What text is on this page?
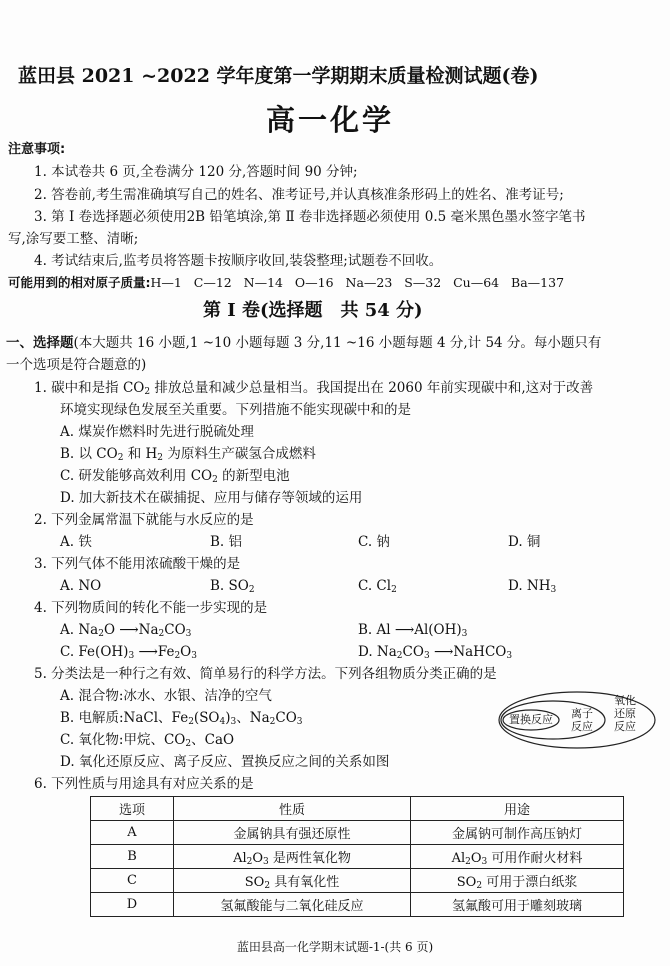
蓝田县 2021 ~2022 学年度第一学期期末质量检测试题(卷)
高一化学
注意事项:
1. 本试卷共 6 页,全卷满分 120 分,答题时间 90 分钟;
2. 答卷前,考生需准确填写自己的姓名、准考证号,并认真核准条形码上的姓名、准考证号;
3. 第 Ⅰ 卷选择题必须使用2B 铅笔填涂,第 Ⅱ 卷非选择题必须使用 0.5 毫米黑色墨水签字笔书
写,涂写要工整、清晰;
4. 考试结束后,监考员将答题卡按顺序收回,装袋整理;试题卷不回收。
可能用到的相对原子质量:H—1   C—12   N—14   O—16   Na—23   S—32   Cu—64   Ba—137
第 Ⅰ 卷(选择题　共 54 分)
一、选择题(本大题共 16 小题,1 ~10 小题每题 3 分,11 ~16 小题每题 4 分,计 54 分。每小题只有
一个选项是符合题意的)
1. 碳中和是指 $CO_2$ 排放总量和减少总量相当。我国提出在 2060 年前实现碳中和,这对于改善
环境实现绿色发展至关重要。下列措施不能实现碳中和的是
A. 煤炭作燃料时先进行脱硫处理
B. 以 $CO_2$ 和 $H_2$ 为原料生产碳氢合成燃料
C. 研发能够高效利用 $CO_2$ 的新型电池
D. 加大新技术在碳捕捉、应用与储存等领域的运用
2. 下列金属常温下就能与水反应的是
A. 铁	B. 铝	C. 钠	D. 铜
3. 下列气体不能用浓硫酸干燥的是
A. NO	B. $SO_2$	C. $Cl_2$	D. $NH_3$
4. 下列物质间的转化不能一步实现的是
A. $Na_2O$ $⟶Na_2CO_3$	B. Al $⟶Al(OH)_3$
C. $Fe(OH)_3$ $⟶Fe_2O_3$	D. $Na_2CO_3$ ⟶NaHCO$_3$
5. 分类法是一种行之有效、简单易行的科学方法。下列各组物质分类正确的是
A. 混合物:冰水、水银、洁净的空气
B. 电解质:NaCl、$Fe_2(SO_4)_3$、$Na_2CO_3$
C. 氧化物:甲烷、$CO_2$、CaO
D. 氧化还原反应、离子反应、置换反应之间的关系如图
置换反应 离子反应
氧化还原反应
6. 下列性质与用途具有对应关系的是
选项	性质	用途
A	金属钠具有强还原性	金属钠可制作高压钠灯
B	$Al_2O_3$ 是两性氧化物	$Al_2O_3$ 可用作耐火材料
C	$SO_2$ 具有氧化性	$SO_2$ 可用于漂白纸浆
D	氢氟酸能与二氧化硅反应	氢氟酸可用于雕刻玻璃
蓝田县高一化学期末试题-1-(共 6 页)
